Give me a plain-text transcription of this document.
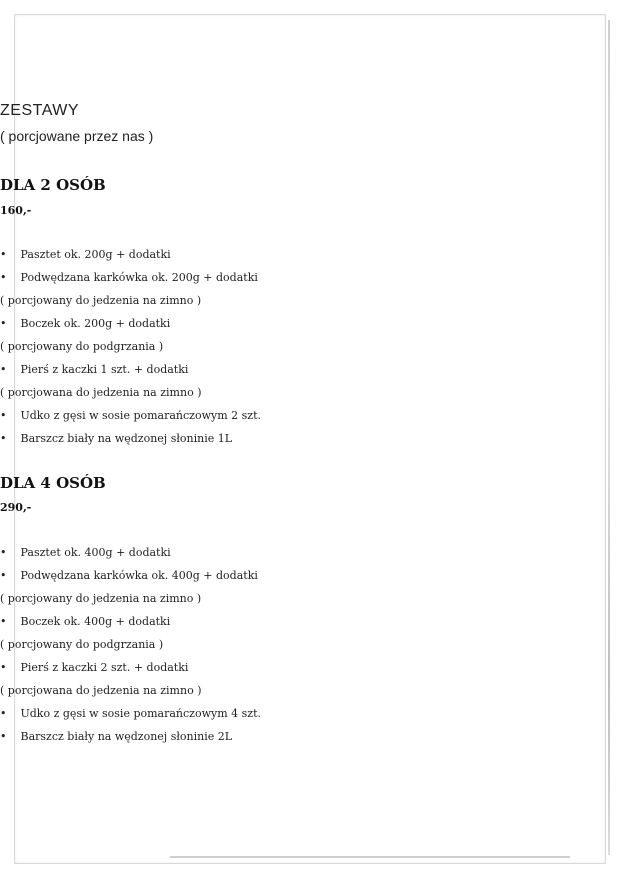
ZESTAWY
( porcjowane przez nas )
DLA 2 OSÓB
160,-
• Pasztet ok. 200g + dodatki
• Podwędzana karkówka ok. 200g + dodatki
( porcjowany do jedzenia na zimno )
• Boczek ok. 200g + dodatki
( porcjowany do podgrzania )
• Pierś z kaczki 1 szt. + dodatki
( porcjowana do jedzenia na zimno )
• Udko z gęsi w sosie pomarańczowym 2 szt.
• Barszcz biały na wędzonej słoninie 1L
DLA 4 OSÓB
290,-
• Pasztet ok. 400g + dodatki
• Podwędzana karkówka ok. 400g + dodatki
( porcjowany do jedzenia na zimno )
• Boczek ok. 400g + dodatki
( porcjowany do podgrzania )
• Pierś z kaczki 2 szt. + dodatki
( porcjowana do jedzenia na zimno )
• Udko z gęsi w sosie pomarańczowym 4 szt.
• Barszcz biały na wędzonej słoninie 2L
